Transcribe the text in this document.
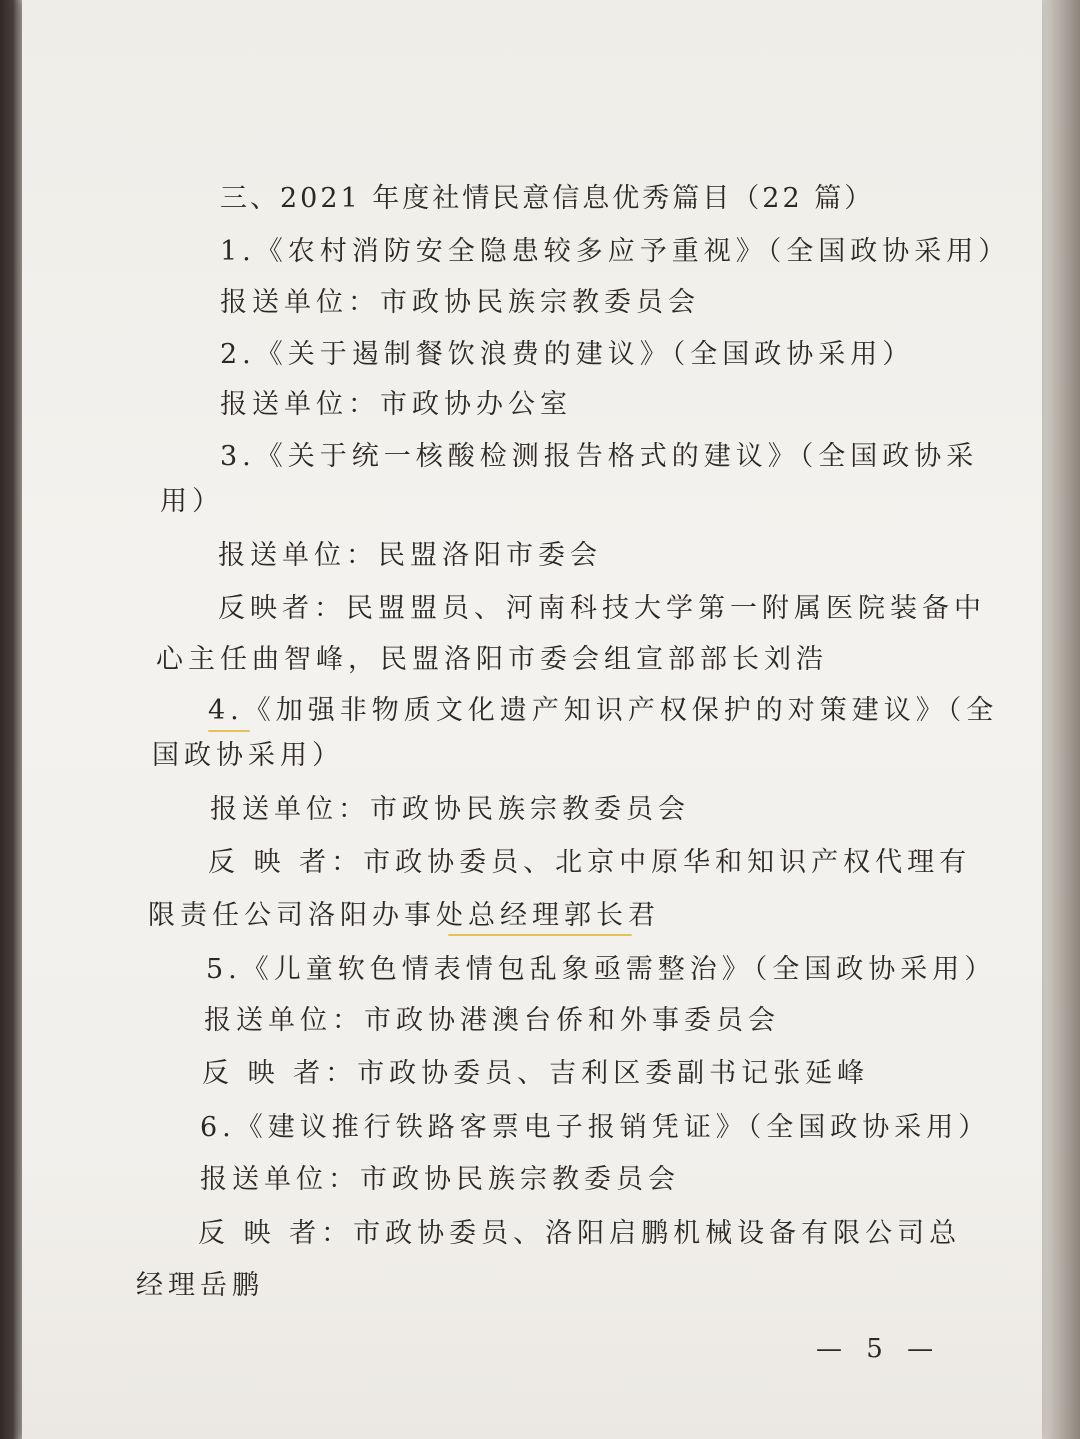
三、2021 年度社情民意信息优秀篇目（22 篇）
1.《农村消防安全隐患较多应予重视》（全国政协采用）
报送单位：市政协民族宗教委员会
2.《关于遏制餐饮浪费的建议》（全国政协采用）
报送单位：市政协办公室
3.《关于统一核酸检测报告格式的建议》（全国政协采
用）
报送单位：民盟洛阳市委会
反映者：民盟盟员、河南科技大学第一附属医院装备中
心主任曲智峰，民盟洛阳市委会组宣部部长刘浩
4.《加强非物质文化遗产知识产权保护的对策建议》（全
国政协采用）
报送单位：市政协民族宗教委员会
反 映 者：市政协委员、北京中原华和知识产权代理有
限责任公司洛阳办事处总经理郭长君
5.《儿童软色情表情包乱象亟需整治》（全国政协采用）
报送单位：市政协港澳台侨和外事委员会
反 映 者：市政协委员、吉利区委副书记张延峰
6.《建议推行铁路客票电子报销凭证》（全国政协采用）
报送单位：市政协民族宗教委员会
反 映 者：市政协委员、洛阳启鹏机械设备有限公司总
经理岳鹏
— 5 —
